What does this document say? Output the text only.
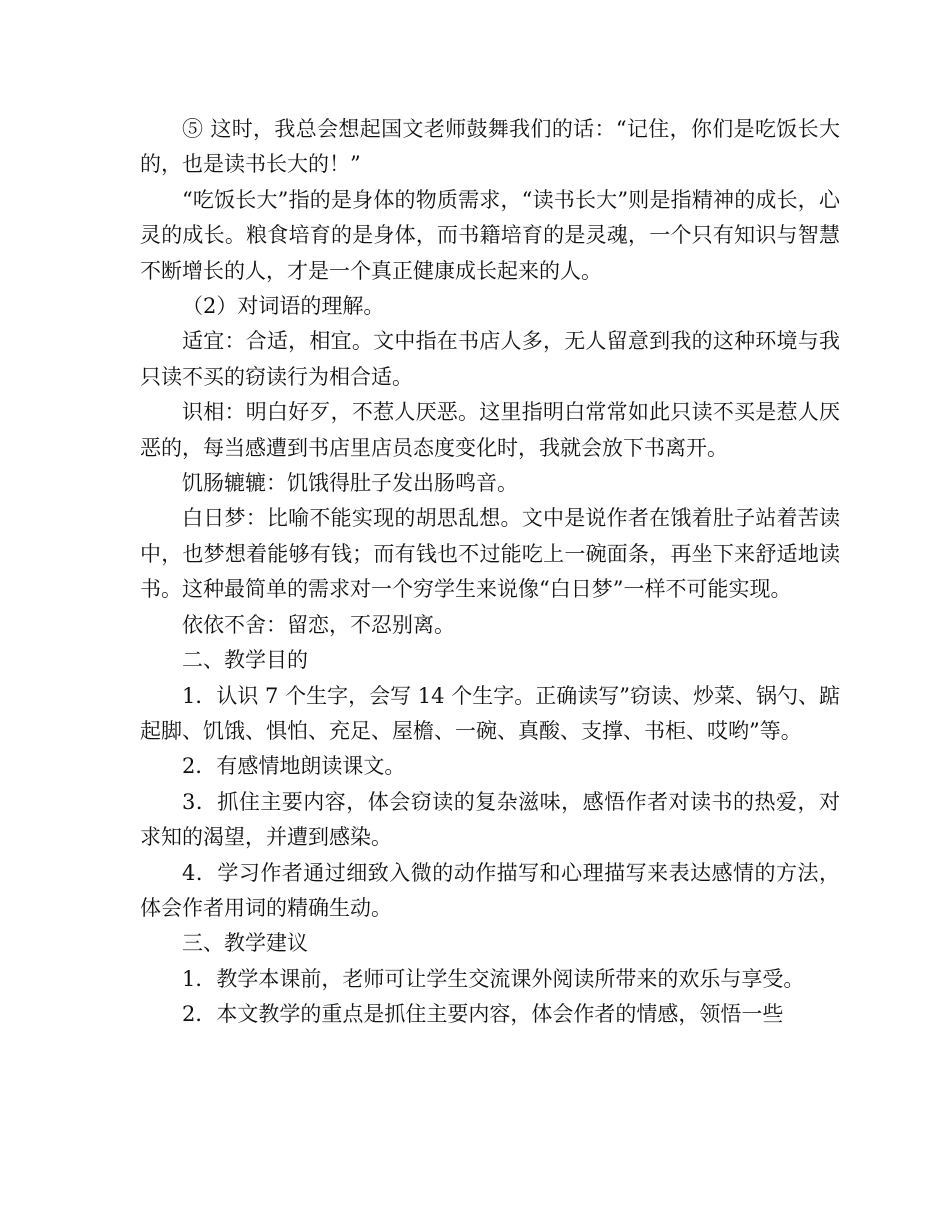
⑤ 这时，我总会想起国文老师鼓舞我们的话：“记住，你们是吃饭长大的，也是读书长大的！”

“吃饭长大”指的是身体的物质需求，“读书长大”则是指精神的成长，心灵的成长。粮食培育的是身体，而书籍培育的是灵魂，一个只有知识与智慧不断增长的人，才是一个真正健康成长起来的人。

（2）对词语的理解。

适宜：合适，相宜。文中指在书店人多，无人留意到我的这种环境与我只读不买的窃读行为相合适。

识相：明白好歹，不惹人厌恶。这里指明白常常如此只读不买是惹人厌恶的，每当感遭到书店里店员态度变化时，我就会放下书离开。

饥肠辘辘：饥饿得肚子发出肠鸣音。

白日梦：比喻不能实现的胡思乱想。文中是说作者在饿着肚子站着苦读中，也梦想着能够有钱；而有钱也不过能吃上一碗面条，再坐下来舒适地读书。这种最简单的需求对一个穷学生来说像“白日梦”一样不可能实现。

依依不舍：留恋，不忍别离。

二、教学目的

1．认识 7 个生字，会写 14 个生字。正确读写”窃读、炒菜、锅勺、踮起脚、饥饿、惧怕、充足、屋檐、一碗、真酸、支撑、书柜、哎哟”等。

2．有感情地朗读课文。

3．抓住主要内容，体会窃读的复杂滋味，感悟作者对读书的热爱，对求知的渴望，并遭到感染。

4．学习作者通过细致入微的动作描写和心理描写来表达感情的方法，体会作者用词的精确生动。

三、教学建议

1．教学本课前，老师可让学生交流课外阅读所带来的欢乐与享受。

2．本文教学的重点是抓住主要内容，体会作者的情感，领悟一些
